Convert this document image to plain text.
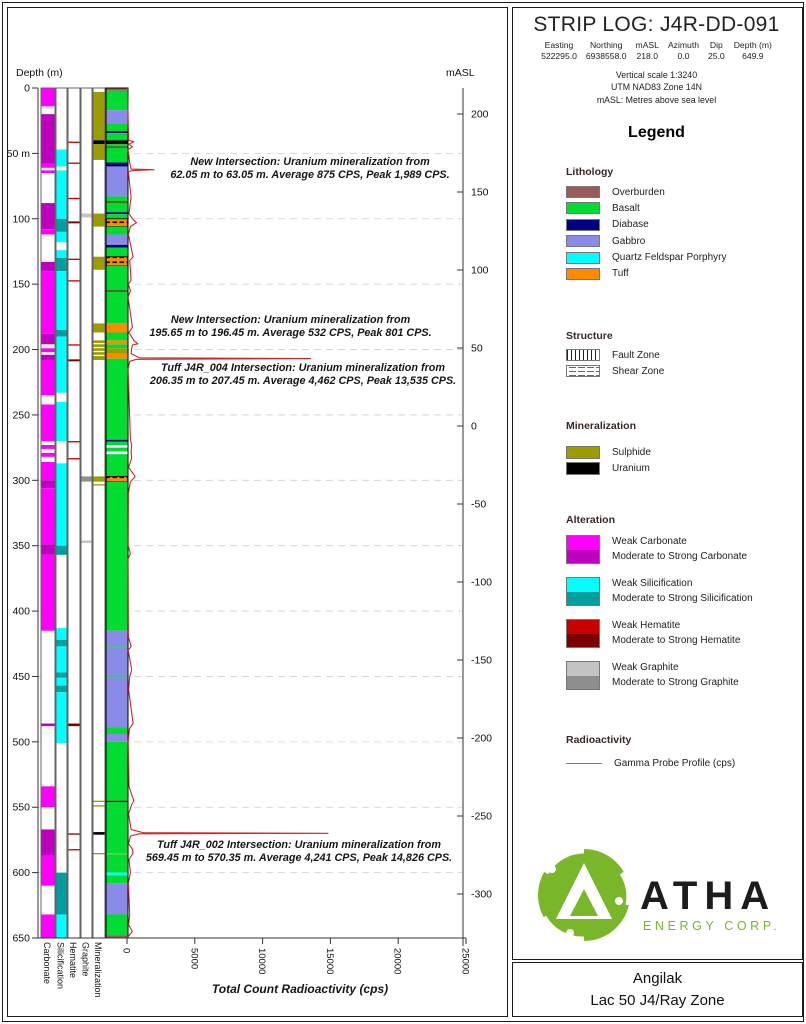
Depth (m)	mASL
0
50 m
100
150
200
250
300
350
400
450
500
550
600
650
200
150
100
50
0
-50
-100
-150
-200
-250
-300
0	5000	10000	15000	20000	25000
Carbonate Silicification Hematite Graphite Mineralization
New Intersection: Uranium mineralization from
62.05 m to 63.05 m. Average 875 CPS, Peak 1,989 CPS.
New Intersection: Uranium mineralization from
195.65 m to 196.45 m. Average 532 CPS, Peak 801 CPS.
Tuff J4R_004 Intersection: Uranium mineralization from
206.35 m to 207.45 m. Average 4,462 CPS, Peak 13,535 CPS.
Tuff J4R_002 Intersection: Uranium mineralization from
569.45 m to 570.35 m. Average 4,241 CPS, Peak 14,826 CPS.
STRIP LOG: J4R-DD-091
Easting
522295.0
Northing
6938558.0
mASL
218.0
Azimuth
0.0
Dip
25.0
Depth (m)
649.9
Vertical scale 1:3240
UTM NAD83 Zone 14N
mASL: Metres above sea level
Legend
Lithology
Overburden
Basalt
Diabase
Gabbro
Quartz Feldspar Porphyry
Tuff
Structure
Fault Zone
Shear Zone
Mineralization
Sulphide
Uranium
Alteration
Weak Carbonate
Moderate to Strong Carbonate
Weak Silicification
Moderate to Strong Silicification
Weak Hematite
Moderate to Strong Hematite
Weak Graphite
Moderate to Strong Graphite
Radioactivity
Gamma Probe Profile (cps)
ATHA
ENERGY CORP.
Angilak
Lac 50 J4/Ray Zone
Total Count Radioactivity (cps)
